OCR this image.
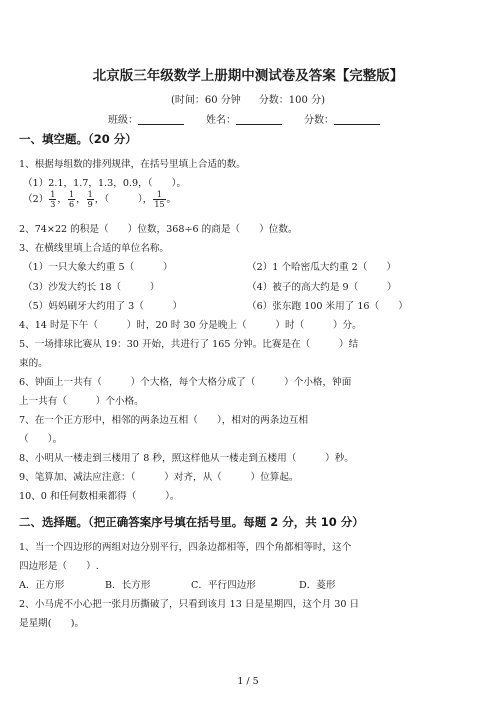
北京版三年级数学上册期中测试卷及答案【完整版】
(时间：60 分钟 分数：100 分)
班级：	姓名：	分数：
一、填空题。（20 分）
1、根据每组数的排列规律，在括号里填上合适的数。
（1）2.1，1.7，1.3，0.9，（　　）。
$(2) \frac{1}{3}$ ， $\frac{1}{6}$ ， $\frac{1}{9}$ ，（　　　）， $\frac{1}{15}$ 。
2、74×22 的积是（　　）位数，368÷6 的商是（　　）位数。
3、在横线里填上合适的单位名称。
（1）一只大象大约重 5（　　　）	（2）1 个哈密瓜大约重 2（　　）
（3）沙发大约长 18（　　　）	（4）被子的高大约是 9（　　　）
（5）妈妈刷牙大约用了 3（　　　）	（6）张东跑 100 米用了 16（　　）
4、14 时是下午（　　　）时，20 时 30 分是晚上（　　　）时（　　　）分。
5、一场排球比赛从 19：30 开始，共进行了 165 分钟。比赛是在（　　　）结
束的。
6、钟面上一共有（　　　）个大格，每个大格分成了（　　　）个小格，钟面
上一共有（　　　）个小格。
7、在一个正方形中，相邻的两条边互相（　　），相对的两条边互相
（　　）。
8、小明从一楼走到三楼用了 8 秒，照这样他从一楼走到五楼用（　　　）秒。
9、笔算加、减法应注意：（　　　）对齐，从（　　　）位算起。
10、0 和任何数相乘都得（　　　）。
二、选择题。（把正确答案序号填在括号里。每题 2 分，共 10 分）
1、当一个四边形的两组对边分别平行，四条边都相等，四个角都相等时，这个
四边形是（　　）.
A．正方形	B．长方形	C．平行四边形	D．菱形
2、小马虎不小心把一张月历撕破了，只看到该月 13 日是星期四，这个月 30 日
是星期(　　)。
1 / 5
